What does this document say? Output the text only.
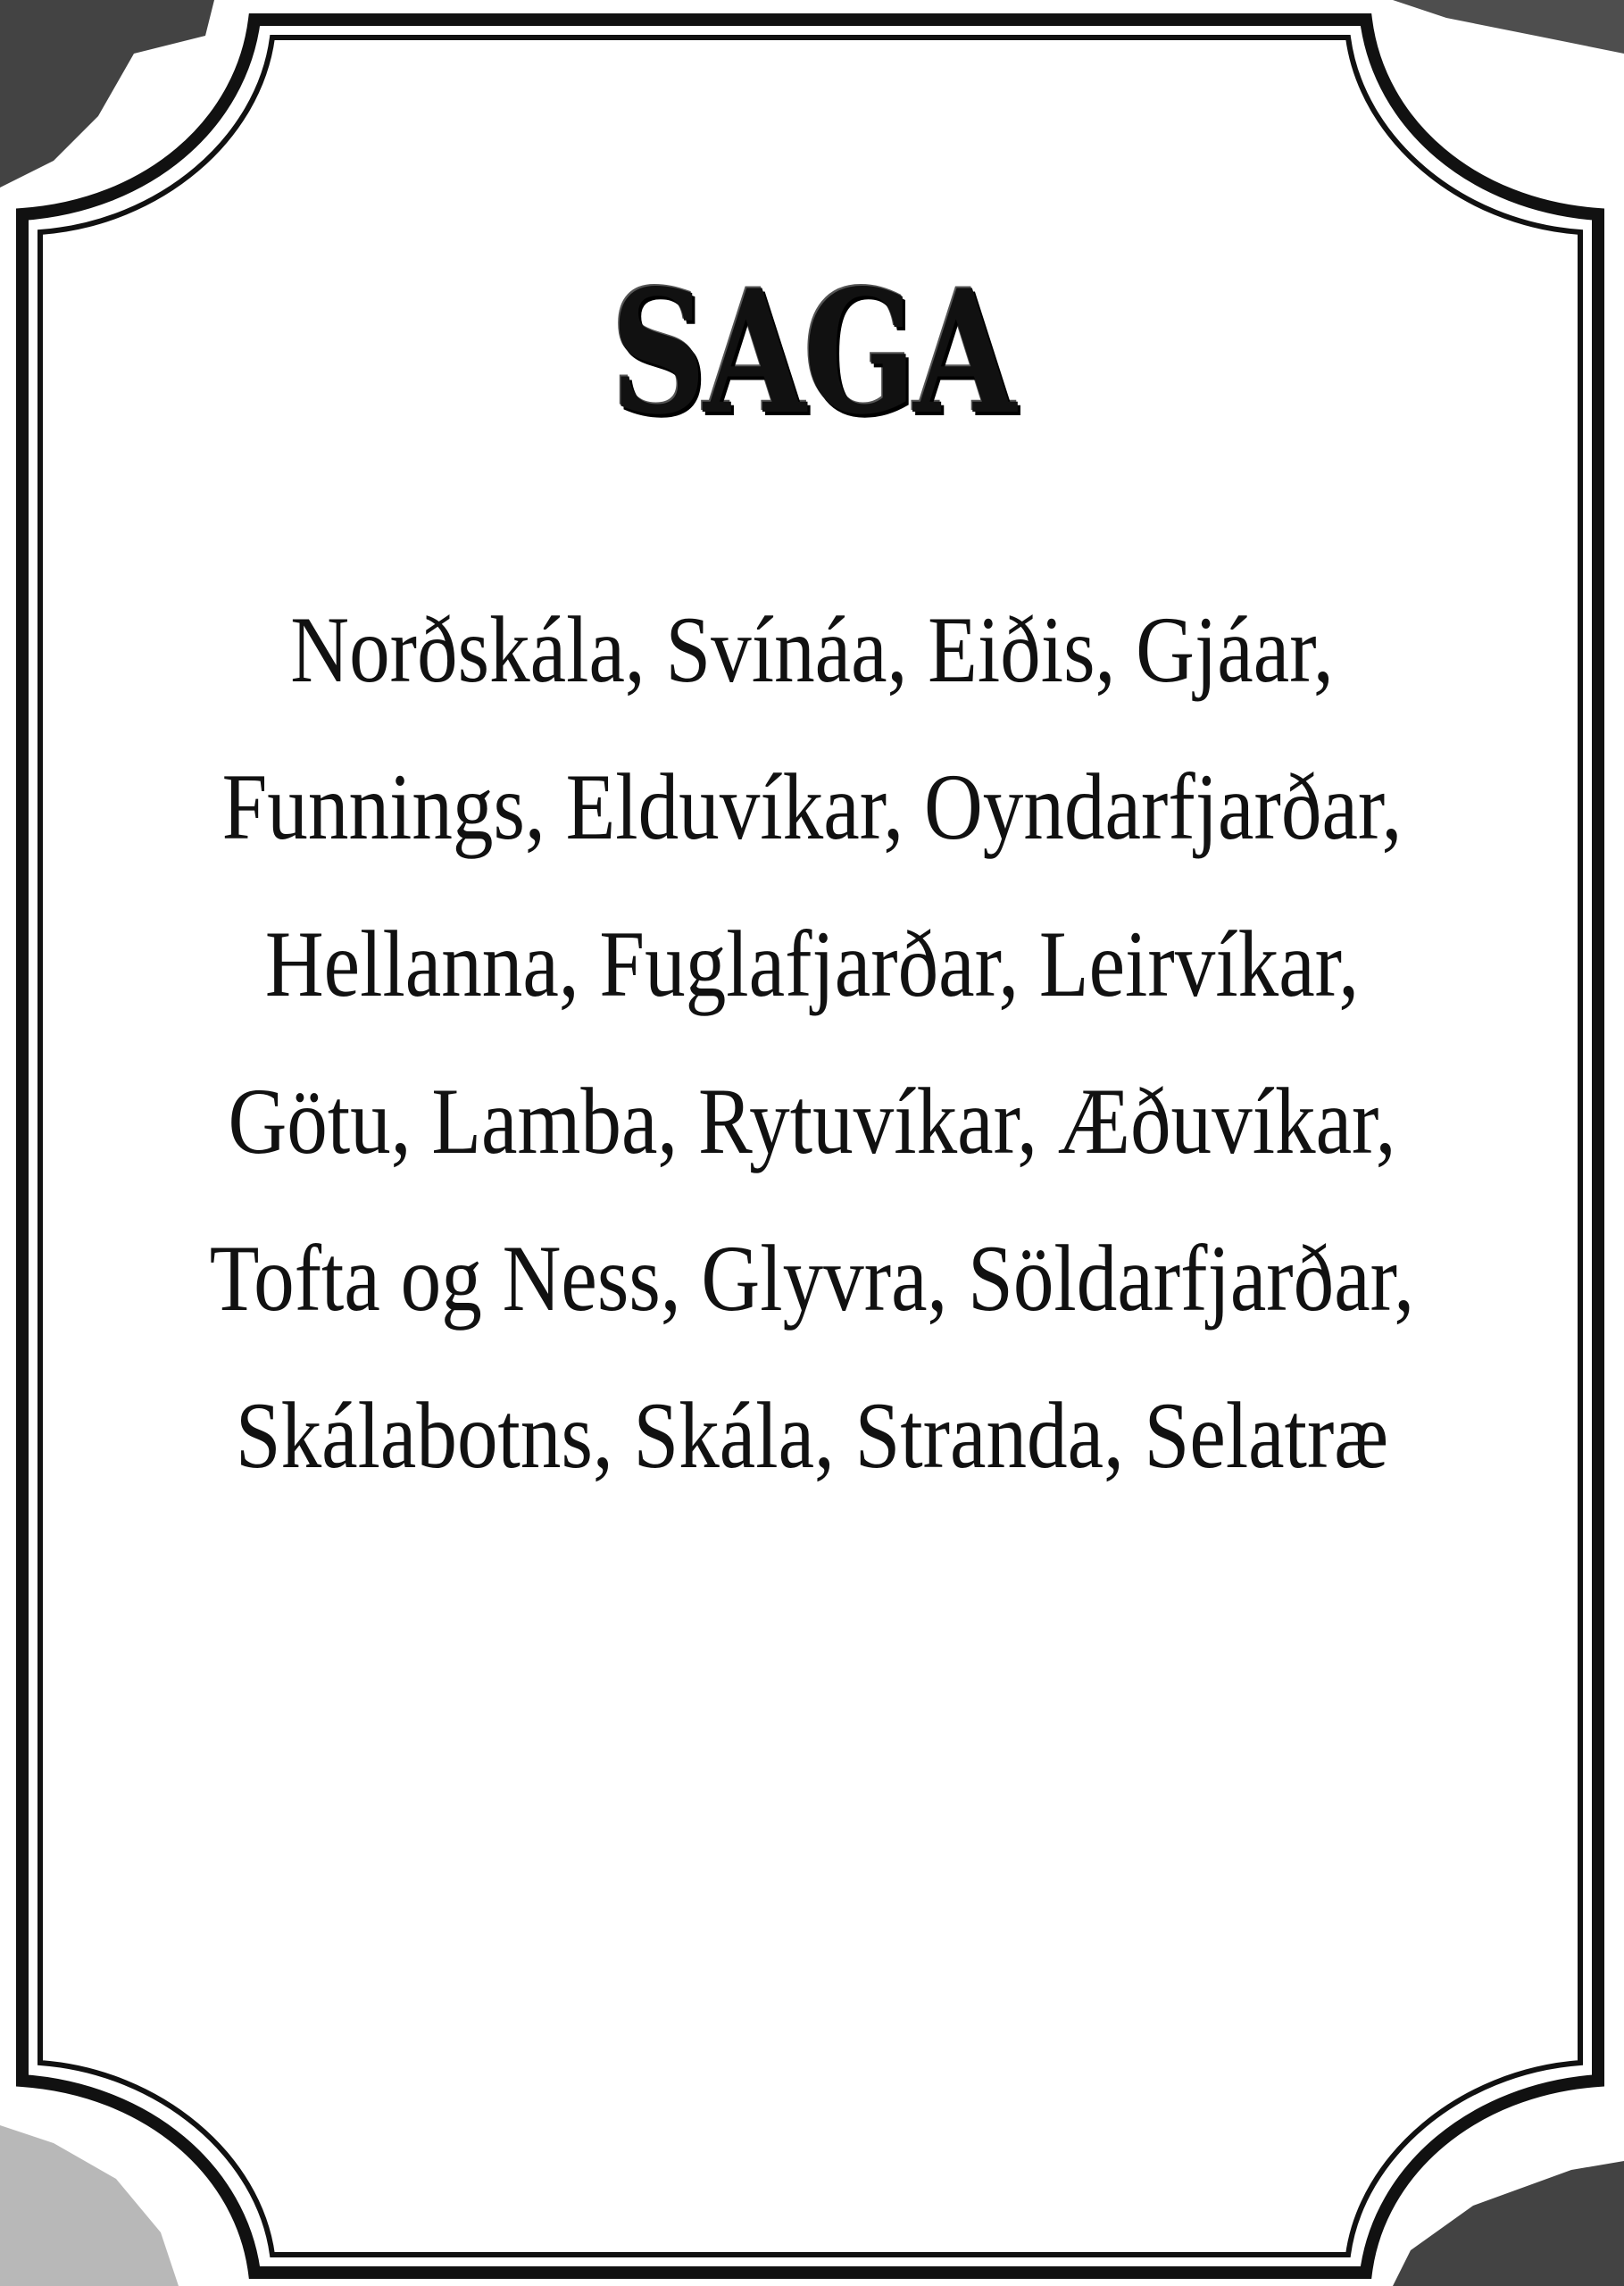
SAGA
Norðskála, Svínáa, Eiðis, Gjáar,
Funnings, Elduvíkar, Oyndarfjarðar,
Hellanna, Fuglafjarðar, Leirvíkar,
Götu, Lamba, Rytuvíkar, Æðuvíkar,
Tofta og Ness, Glyvra, Söldarfjarðar,
Skálabotns, Skála, Stranda, Selatræ
